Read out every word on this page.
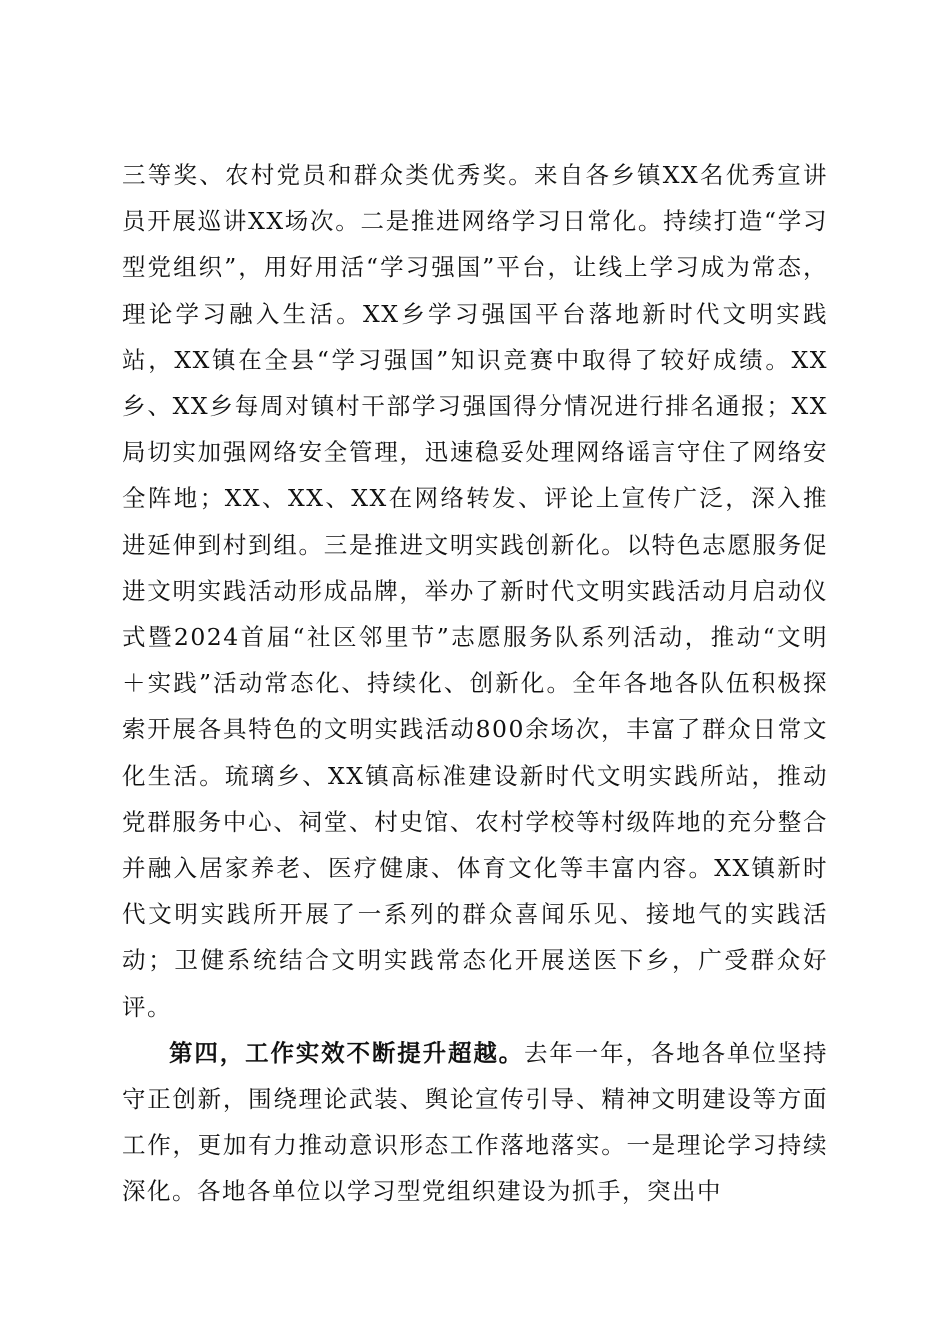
三等奖、农村党员和群众类优秀奖。来自各乡镇XX名优秀宣讲员开展巡讲XX场次。二是推进网络学习日常化。持续打造“学习型党组织”，用好用活“学习强国”平台，让线上学习成为常态，理论学习融入生活。XX乡学习强国平台落地新时代文明实践站，XX镇在全县“学习强国”知识竞赛中取得了较好成绩。XX乡、XX乡每周对镇村干部学习强国得分情况进行排名通报；XX局切实加强网络安全管理，迅速稳妥处理网络谣言守住了网络安全阵地；XX、XX、XX在网络转发、评论上宣传广泛，深入推进延伸到村到组。三是推进文明实践创新化。以特色志愿服务促进文明实践活动形成品牌，举办了新时代文明实践活动月启动仪式暨2024首届“社区邻里节”志愿服务队系列活动，推动“文明＋实践”活动常态化、持续化、创新化。全年各地各队伍积极探索开展各具特色的文明实践活动800余场次，丰富了群众日常文化生活。琉璃乡、XX镇高标准建设新时代文明实践所站，推动党群服务中心、祠堂、村史馆、农村学校等村级阵地的充分整合并融入居家养老、医疗健康、体育文化等丰富内容。XX镇新时代文明实践所开展了一系列的群众喜闻乐见、接地气的实践活动；卫健系统结合文明实践常态化开展送医下乡，广受群众好评。

第四，工作实效不断提升超越。去年一年，各地各单位坚持守正创新，围绕理论武装、舆论宣传引导、精神文明建设等方面工作，更加有力推动意识形态工作落地落实。一是理论学习持续深化。各地各单位以学习型党组织建设为抓手，突出中
